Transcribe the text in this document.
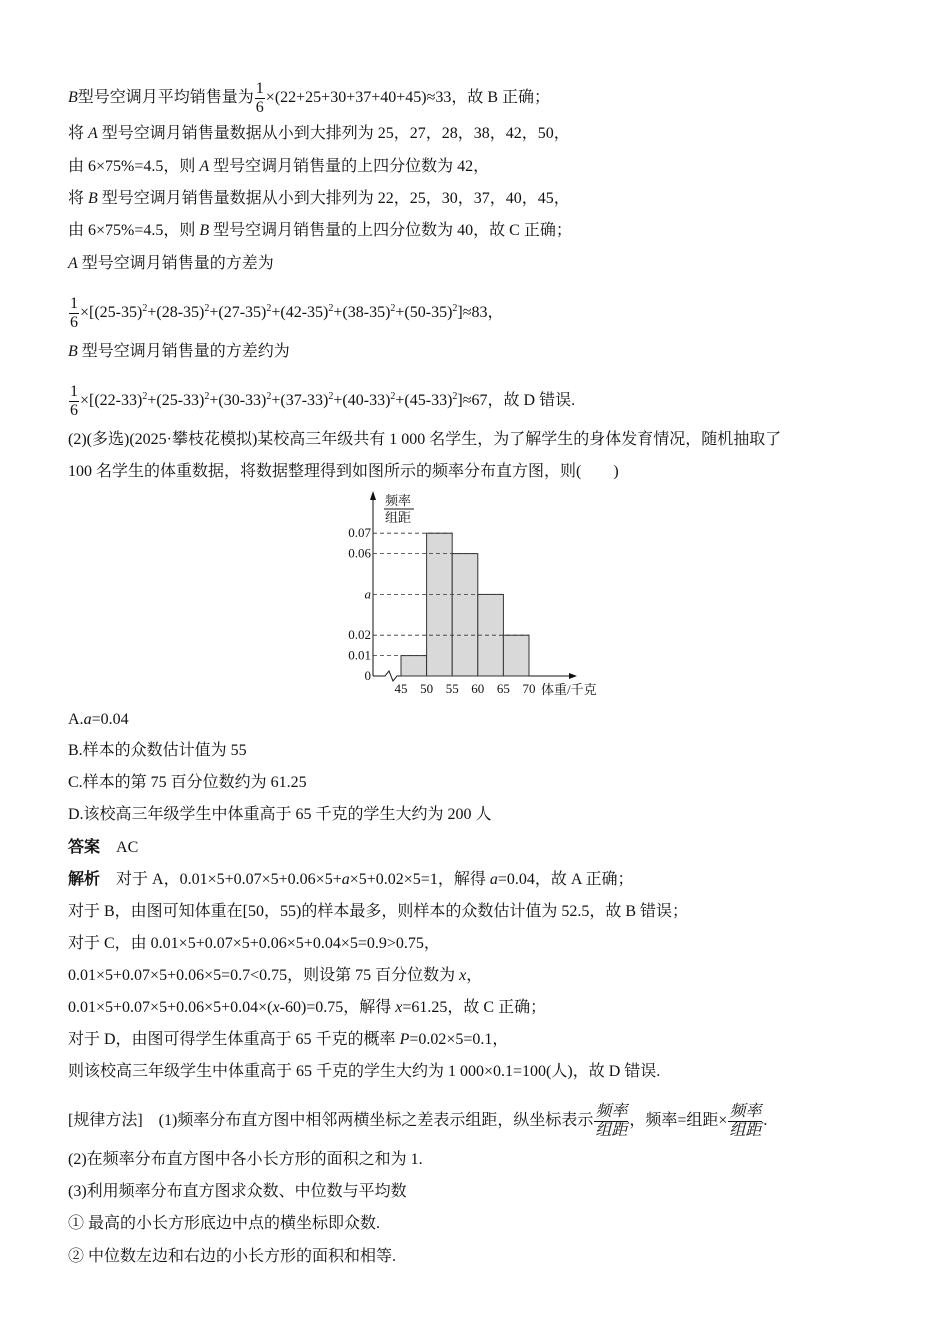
0
0.01
0.02
a
0.06
0.07
45 50 55 60 65 70 体重/千克
频率
组距
B型号空调月平均销售量为 $\frac{1}{6} \times(22+25+30+37+40+45)\approx 33$，故 B 正确；
将 A 型号空调月销售量数据从小到大排列为 25，27，28，38，42，50，
由 6×75%=4.5，则 A 型号空调月销售量的上四分位数为 42，
将 B 型号空调月销售量数据从小到大排列为 22，25，30，37，40，45，
由 6×75%=4.5，则 B 型号空调月销售量的上四分位数为 40，故 C 正确；
A 型号空调月销售量的方差为
$\frac{1}{6} \times[(25-35)^2+(28-35)^2+(27-35)^2+(42-35)^2+(38-35)^2+(50-35)^2]\approx 83$，
B 型号空调月销售量的方差约为
$\frac{1}{6} \times[(22-33)^2+(25-33)^2+(30-33)^2+(37-33)^2+(40-33)^2+(45-33)^2]\approx 67$，故 D 错误.
(2)(多选)(2025·攀枝花模拟)某校高三年级共有 1 000 名学生，为了解学生的身体发育情况，随机抽取了
100 名学生的体重数据，将数据整理得到如图所示的频率分布直方图，则(　　)
A.a=0.04
B.样本的众数估计值为 55
C.样本的第 75 百分位数约为 61.25
D.该校高三年级学生中体重高于 65 千克的学生大约为 200 人
答案　AC
解析　对于 A，0.01×5+0.07×5+0.06×5+a×5+0.02×5=1，解得 a=0.04，故 A 正确；
对于 B，由图可知体重在[50，55)的样本最多，则样本的众数估计值为 52.5，故 B 错误；
对于 C，由 0.01×5+0.07×5+0.06×5+0.04×5=0.9>0.75，
0.01×5+0.07×5+0.06×5=0.7<0.75，则设第 75 百分位数为 x，
0.01×5+0.07×5+0.06×5+0.04×(x-60)=0.75，解得 x=61.25，故 C 正确；
对于 D，由图可得学生体重高于 65 千克的概率 P=0.02×5=0.1，
则该校高三年级学生中体重高于 65 千克的学生大约为 1 000×0.1=100(人)，故 D 错误.
[规律方法]　(1)频率分布直方图中相邻两横坐标之差表示组距，纵坐标表示 $\frac{\text{频率}}{\text{组距}}$ ，频率=组距× $\frac{\text{频率}}{\text{组距}}$ .
(2)在频率分布直方图中各小长方形的面积之和为 1.
(3)利用频率分布直方图求众数、中位数与平均数
① 最高的小长方形底边中点的横坐标即众数.
② 中位数左边和右边的小长方形的面积和相等.
